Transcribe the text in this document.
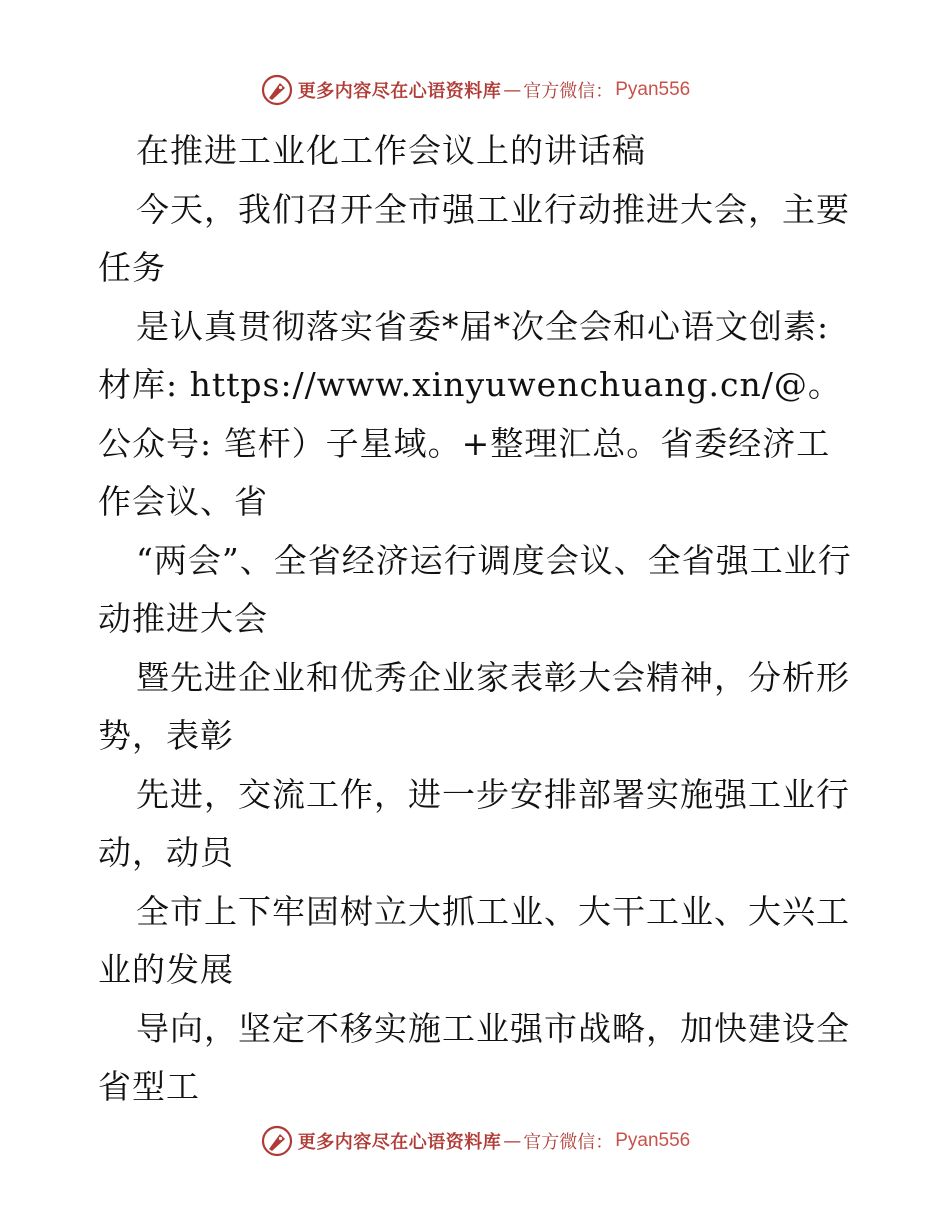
更多内容尽在心语资料库 — 官方微信： Pyan556

在推进工业化工作会议上的讲话稿

今天，我们召开全市强工业行动推进大会，主要任务

是认真贯彻落实省委*届*次全会和心语文创素:材库: https://www.xinyuwenchuang.cn/@。公众号: 笔杆）子星域。+整理汇总。省委经济工作会议、省

“两会”、全省经济运行调度会议、全省强工业行动推进大会

暨先进企业和优秀企业家表彰大会精神，分析形势，表彰

先进，交流工作，进一步安排部署实施强工业行动，动员

全市上下牢固树立大抓工业、大干工业、大兴工业的发展

导向，坚定不移实施工业强市战略，加快建设全省型工

更多内容尽在心语资料库 — 官方微信： Pyan556
